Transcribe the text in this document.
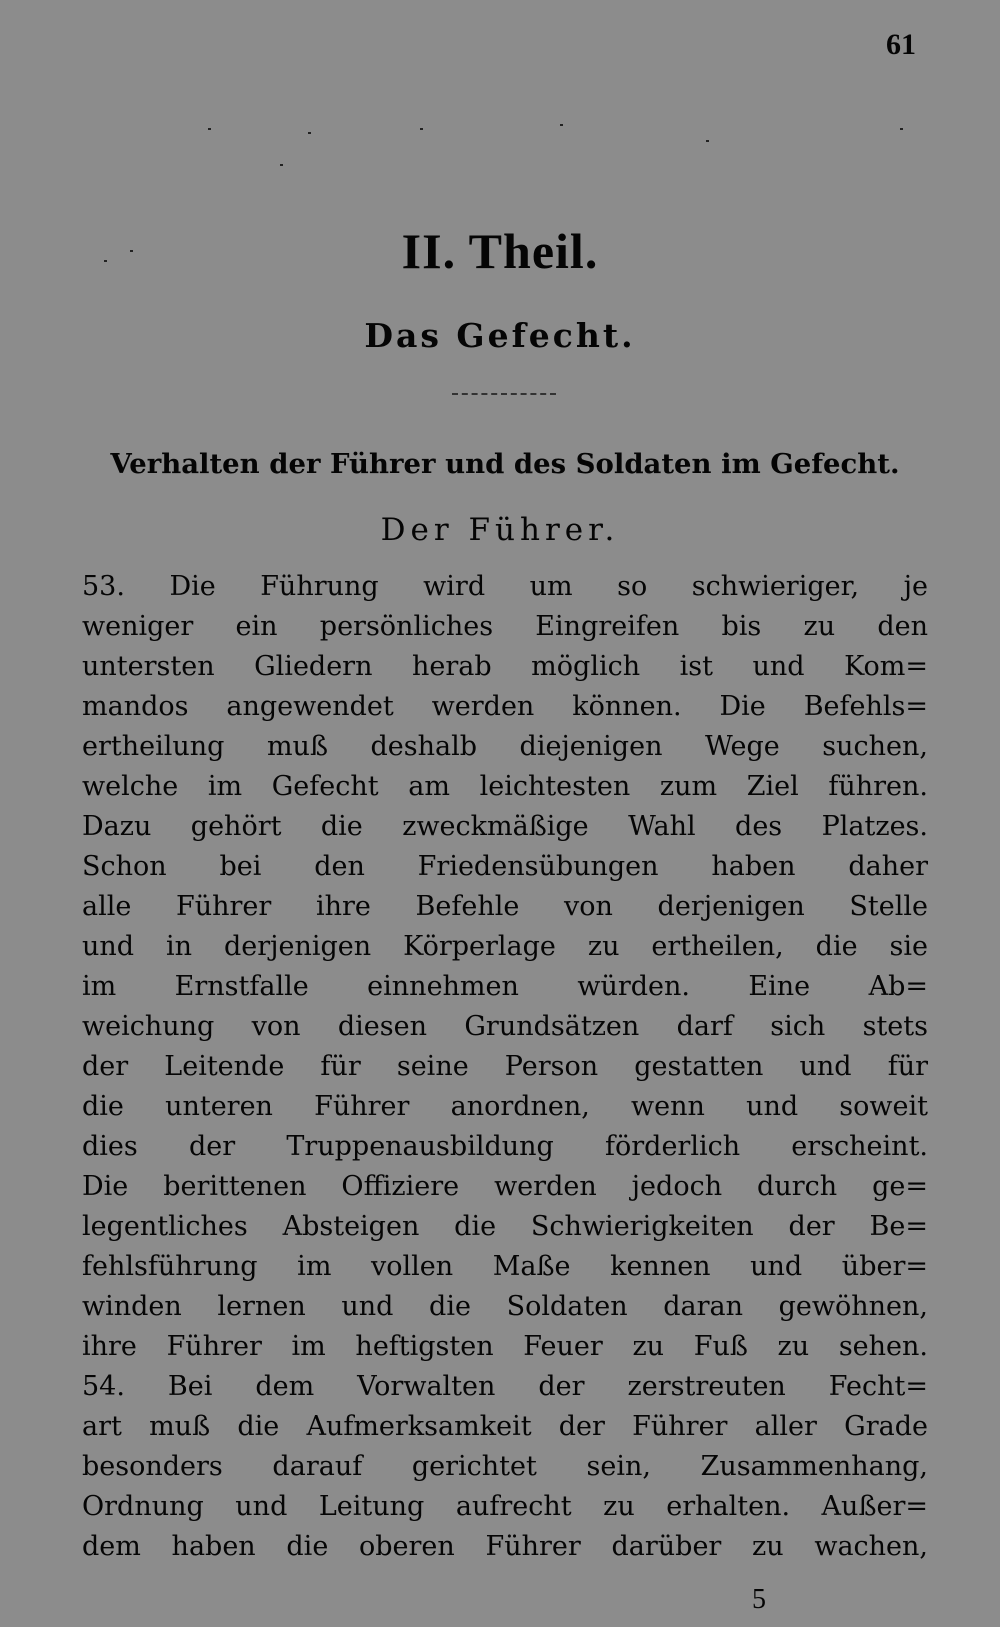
61
II. Theil.
Das Gefecht.
Verhalten der Führer und des Soldaten im Gefecht.
Der Führer.
53. Die Führung wird um so schwieriger, je
weniger ein persönliches Eingreifen bis zu den
untersten Gliedern herab möglich ist und Kom=
mandos angewendet werden können. Die Befehls=
ertheilung muß deshalb diejenigen Wege suchen,
welche im Gefecht am leichtesten zum Ziel führen.
Dazu gehört die zweckmäßige Wahl des Platzes.
Schon bei den Friedensübungen haben daher
alle Führer ihre Befehle von derjenigen Stelle
und in derjenigen Körperlage zu ertheilen, die sie
im Ernstfalle einnehmen würden. Eine Ab=
weichung von diesen Grundsätzen darf sich stets
der Leitende für seine Person gestatten und für
die unteren Führer anordnen, wenn und soweit
dies der Truppenausbildung förderlich erscheint.
Die berittenen Offiziere werden jedoch durch ge=
legentliches Absteigen die Schwierigkeiten der Be=
fehlsführung im vollen Maße kennen und über=
winden lernen und die Soldaten daran gewöhnen,
ihre Führer im heftigsten Feuer zu Fuß zu sehen.
54. Bei dem Vorwalten der zerstreuten Fecht=
art muß die Aufmerksamkeit der Führer aller Grade
besonders darauf gerichtet sein, Zusammenhang,
Ordnung und Leitung aufrecht zu erhalten. Außer=
dem haben die oberen Führer darüber zu wachen,
5
